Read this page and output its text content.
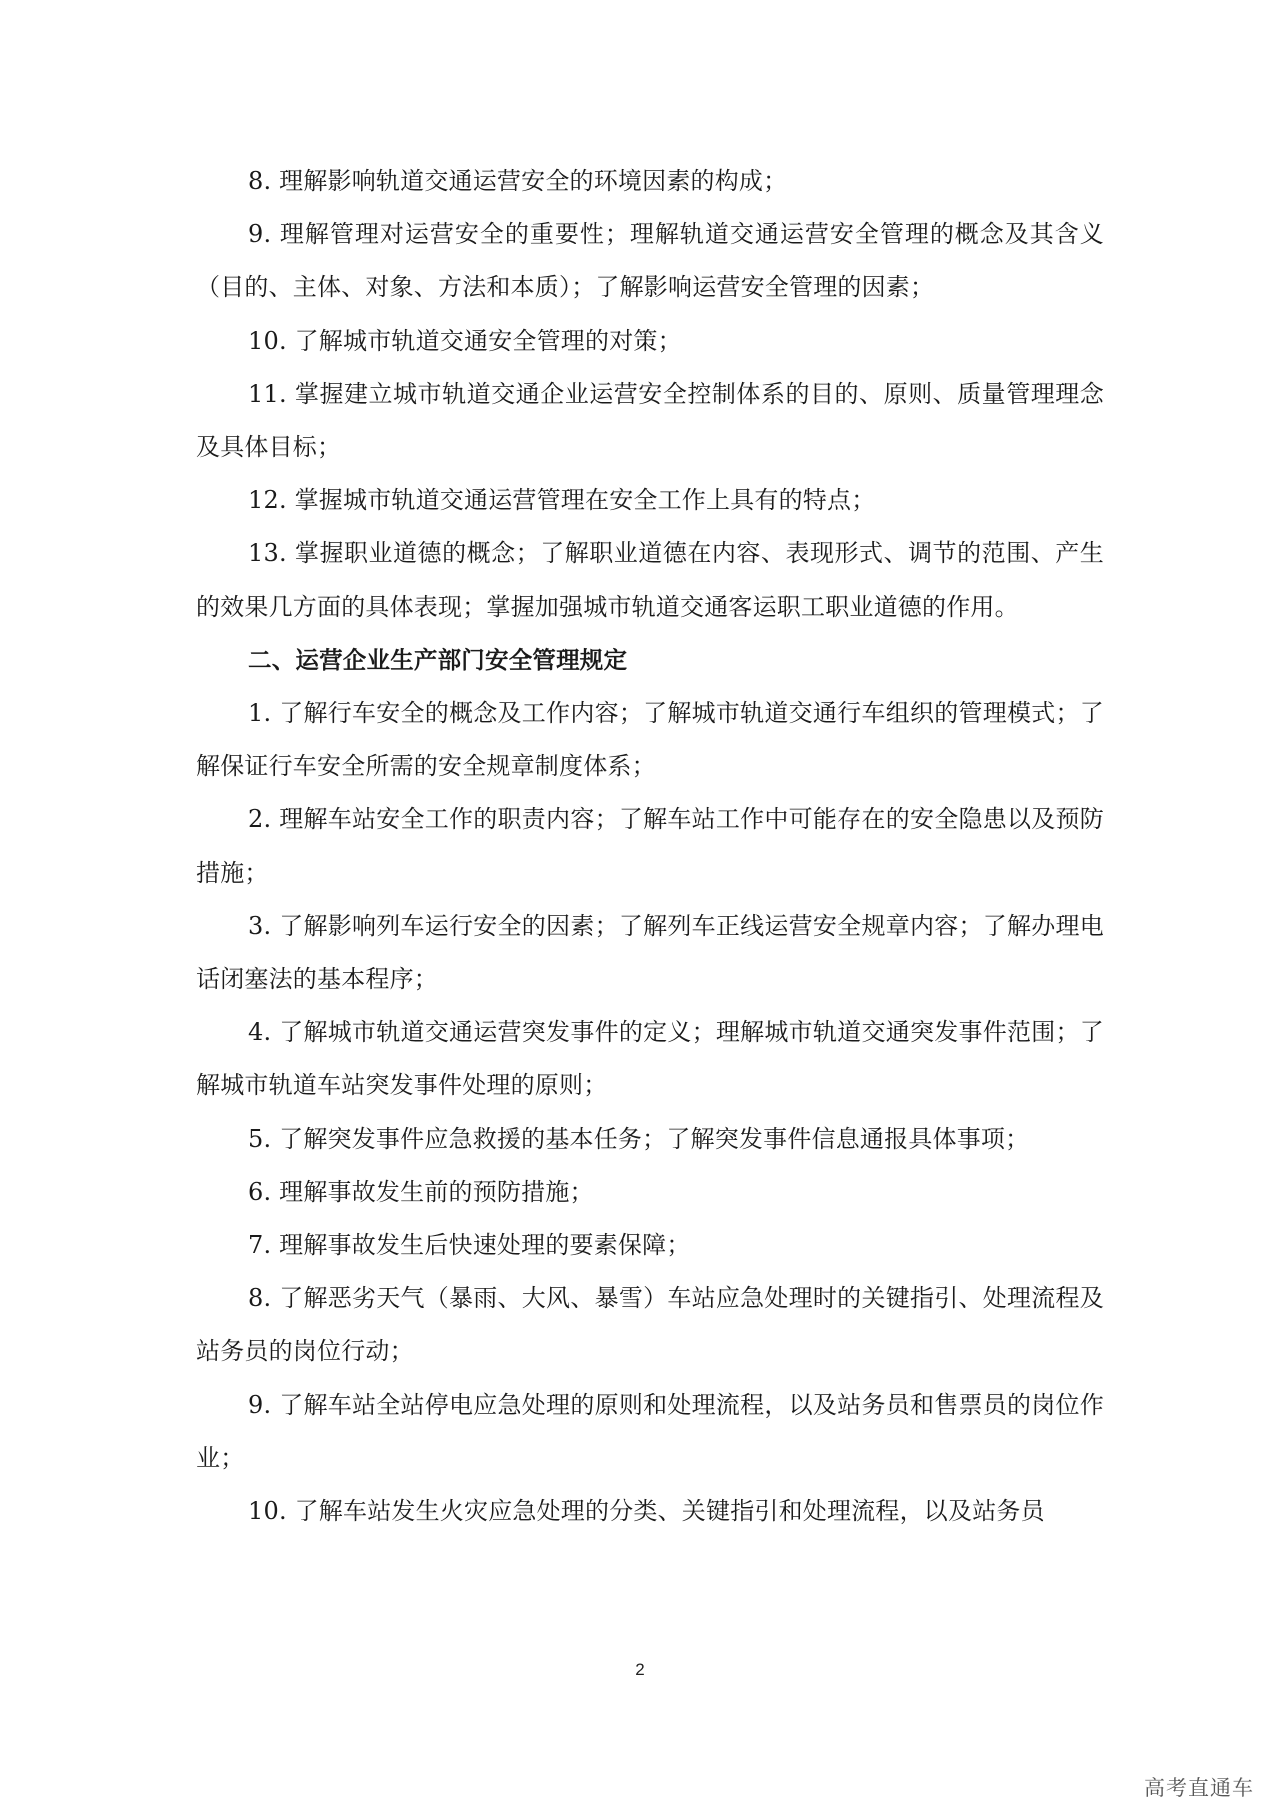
8. 理解影响轨道交通运营安全的环境因素的构成；

9. 理解管理对运营安全的重要性；理解轨道交通运营安全管理的概念及其含义（目的、主体、对象、方法和本质）；了解影响运营安全管理的因素；

10. 了解城市轨道交通安全管理的对策；

11. 掌握建立城市轨道交通企业运营安全控制体系的目的、原则、质量管理理念及具体目标；

12. 掌握城市轨道交通运营管理在安全工作上具有的特点；

13. 掌握职业道德的概念；了解职业道德在内容、表现形式、调节的范围、产生的效果几方面的具体表现；掌握加强城市轨道交通客运职工职业道德的作用。

二、运营企业生产部门安全管理规定

1. 了解行车安全的概念及工作内容；了解城市轨道交通行车组织的管理模式；了解保证行车安全所需的安全规章制度体系；

2. 理解车站安全工作的职责内容；了解车站工作中可能存在的安全隐患以及预防措施；

3. 了解影响列车运行安全的因素；了解列车正线运营安全规章内容；了解办理电话闭塞法的基本程序；

4. 了解城市轨道交通运营突发事件的定义；理解城市轨道交通突发事件范围；了解城市轨道车站突发事件处理的原则；

5. 了解突发事件应急救援的基本任务；了解突发事件信息通报具体事项；

6. 理解事故发生前的预防措施；

7. 理解事故发生后快速处理的要素保障；

8. 了解恶劣天气（暴雨、大风、暴雪）车站应急处理时的关键指引、处理流程及站务员的岗位行动；

9. 了解车站全站停电应急处理的原则和处理流程，以及站务员和售票员的岗位作业；

10. 了解车站发生火灾应急处理的分类、关键指引和处理流程，以及站务员

2
高考直通车
